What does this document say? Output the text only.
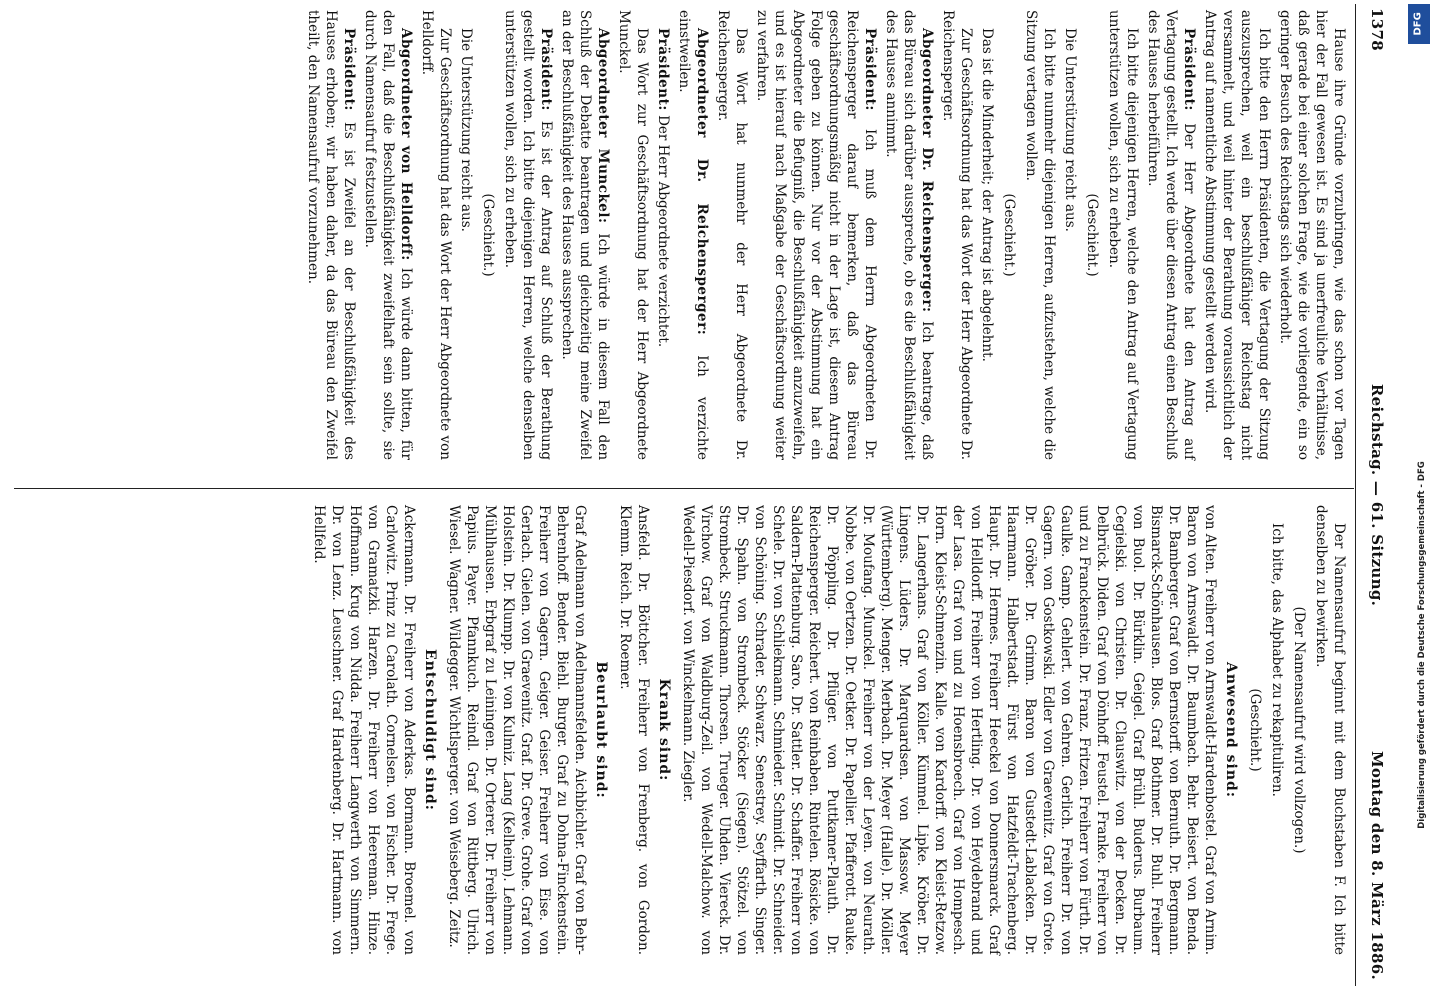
1378
Reichstag. — 61. Sitzung.
Montag den 8. März 1886.

Hause ihre Gründe vorzubringen, wie das schon vor Tagen hier der Fall gewesen ist. Es sind ja unerfreuliche Verhältnisse, daß gerade bei einer solchen Frage, wie die vorliegende, ein so geringer Besuch des Reichstags sich wiederholt.

Ich bitte den Herrn Präsidenten, die Vertagung der Sitzung auszusprechen, weil ein beschlußfähiger Reichstag nicht versammelt, und weil hinter der Berathung voraussichtlich der Antrag auf namentliche Abstimmung gestellt werden wird.

Präsident: Der Herr Abgeordnete hat den Antrag auf Vertagung gestellt. Ich werde über diesen Antrag einen Beschluß des Hauses herbeiführen.

Ich bitte diejenigen Herren, welche den Antrag auf Vertagung unterstützen wollen, sich zu erheben.

(Geschieht.)

Die Unterstützung reicht aus.

Ich bitte nunmehr diejenigen Herren, aufzustehen, welche die Sitzung vertagen wollen.

(Geschieht.)

Das ist die Minderheit; der Antrag ist abgelehnt.

Zur Geschäftsordnung hat das Wort der Herr Abgeordnete Dr. Reichensperger.

Abgeordneter Dr. Reichensperger: Ich beantrage, daß das Büreau sich darüber ausspreche, ob es die Beschlußfähigkeit des Hauses annimmt.

Präsident: Ich muß dem Herrn Abgeordneten Dr. Reichensperger darauf bemerken, daß das Büreau geschäftsordnungsmäßig nicht in der Lage ist, diesem Antrag Folge geben zu können. Nur vor der Abstimmung hat ein Abgeordneter die Befugniß, die Beschlußfähigkeit anzuzweifeln, und es ist hierauf nach Maßgabe der Geschäftsordnung weiter zu verfahren.

Das Wort hat nunmehr der Herr Abgeordnete Dr. Reichensperger.

Abgeordneter Dr. Reichensperger: Ich verzichte einstweilen.

Präsident: Der Herr Abgeordnete verzichtet.

Das Wort zur Geschäftsordnung hat der Herr Abgeordnete Munckel.

Abgeordneter Munckel: Ich würde in diesem Fall den Schluß der Debatte beantragen und gleichzeitig meine Zweifel an der Beschlußfähigkeit des Hauses aussprechen.

Präsident: Es ist der Antrag auf Schluß der Berathung gestellt worden. Ich bitte diejenigen Herren, welche denselben unterstützen wollen, sich zu erheben.

(Geschieht.)

Die Unterstützung reicht aus.

Zur Geschäftsordnung hat das Wort der Herr Abgeordnete von Helldorff.

Abgeordneter von Helldorff: Ich würde dann bitten, für den Fall, daß die Beschlußfähigkeit zweifelhaft sein sollte, sie durch Namensaufruf festzustellen.

Präsident: Es ist Zweifel an der Beschlußfähigkeit des Hauses erhoben; wir haben daher, da das Büreau den Zweifel theilt, den Namensaufruf vorzunehmen.

Der Namensaufruf beginnt mit dem Buchstaben F. Ich bitte denselben zu bewirken.

(Der Namensaufruf wird vollzogen.)

Ich bitte, das Alphabet zu rekapituliren.

(Geschieht.)

Anwesend sind:

von Alten. Freiherr von Arnswaldt-Hardenbostel. Graf von Arnim. Baron von Arnswaldt. Dr. Baumbach. Behr. Beisert. von Benda. Dr. Bamberger. Graf von Bernstorff. von Bernuth. Dr. Bergmann. Bismarck-Schönhausen. Blos. Graf Bothmer. Dr. Buhl. Freiherr von Buol. Dr. Bürklin. Geigel. Graf Brühl. Buderus. Burbaum. Cegielski. von Christen. Dr. Clauswitz. von der Decken. Dr. Delbrück. Diden. Graf von Dönhoff. Feustel. Franke. Freiherr von und zu Franckenstein. Dr. Franz. Fritzen. Freiherr von Fürth. Dr. Gaulke. Gamp. Gehlert. von Gehren. Gerlich. Freiherr Dr. von Gagern. von Gostkowski. Edler von Graevenitz. Graf von Grote. Dr. Gröber. Dr. Grimm. Baron von Gustedt-Lablacken. Dr. Haarmann. Halbertstadt. Fürst von Hatzfeldt-Trachenberg. Haupt. Dr. Hermes. Freiherr Heeckel von Donnersmarck. Graf von Helldorff. Freiherr von Hertling. Dr. von Heydebrand und der Lasa. Graf von und zu Hoensbroech. Graf von Hompesch. Horn. Kleist-Schmenzin. Kalle. von Kardorff. von Kleist-Retzow. Dr. Langerhans. Graf von Köller. Kümmel. Lipke. Kröber. Dr. Lingens. Lüders. Dr. Marquardsen. von Massow. Meyer (Württemberg). Menger. Merbach. Dr. Meyer (Halle). Dr. Möller. Dr. Moufang. Munckel. Freiherr von der Leyen. von Neurath. Nobbe. von Oertzen. Dr. Oetker. Dr. Papellier. Pfafferott. Rauke. Dr. Pöppling. Dr. Pflüger. von Puttkamer-Plauth. Dr. Reichensperger. Reichert. von Reinbaben. Rintelen. Rösicke. von Saldern-Plattenburg. Saro. Dr. Sattler. Dr. Schaffer. Freiherr von Schele. Dr. von Schliekmann. Schmieder. Schmidt. Dr. Schneider. von Schöning. Schrader. Schwarz. Senestrey. Seyffarth. Singer. Dr. Spahn. von Strombeck. Stöcker (Siegen). Stötzel. von Strombeck. Struckmann. Thorsen. Trueger. Uhden. Viereck. Dr. Virchow. Graf von Waldburg-Zeil. von Wedell-Malchow. von Wedell-Piesdorf. von Winckelmann. Ziegler.

Krank sind:

Ansfeld. Dr. Böttcher. Freiherr von Frenberg. von Gordon. Klemm. Reich. Dr. Roemer.

Beurlaubt sind:

Graf Adelmann von Adelmannsfelden. Aichbichler. Graf von Behr-Behrenhoff. Bender. Biehl. Burger. Graf zu Dohna-Finckenstein. Freiherr von Gagern. Geiger. Geiser. Freiherr von Eise. von Gerlach. Gielen. von Graevenitz. Graf. Dr. Greve. Grohe. Graf von Holstein. Dr. Klumpp. Dr. von Kulmiz. Lang (Kelheim). Lehmann. Mühlhausen. Erbgraf zu Leiningen. Dr. Orterer. Dr. Freiherr von Papius. Payer. Pfannkuch. Reindl. Graf von Rittberg. Ulrich. Wiesel. Wagner. Wildegger. Wichtlsperger. von Weiseberg. Zeitz.

Entschuldigt sind:

Ackermann. Dr. Freiherr von Aderkas. Bormann. Broemel. von Carlowitz. Prinz zu Carolath. Cornelsen. von Fischer. Dr. Frege. von Gramatzki. Harzen. Dr. Freiherr von Heereman. Hinze. Hoffmann. Krug von Nidda. Freiherr Langwerth von Simmern. Dr. von Lenz. Leuschner. Graf Hardenberg. Dr. Hartmann. von Hellfeld.	Digitalisierung gefördert durch die Deutsche Forschungsgemeinschaft - DFG
DFG
